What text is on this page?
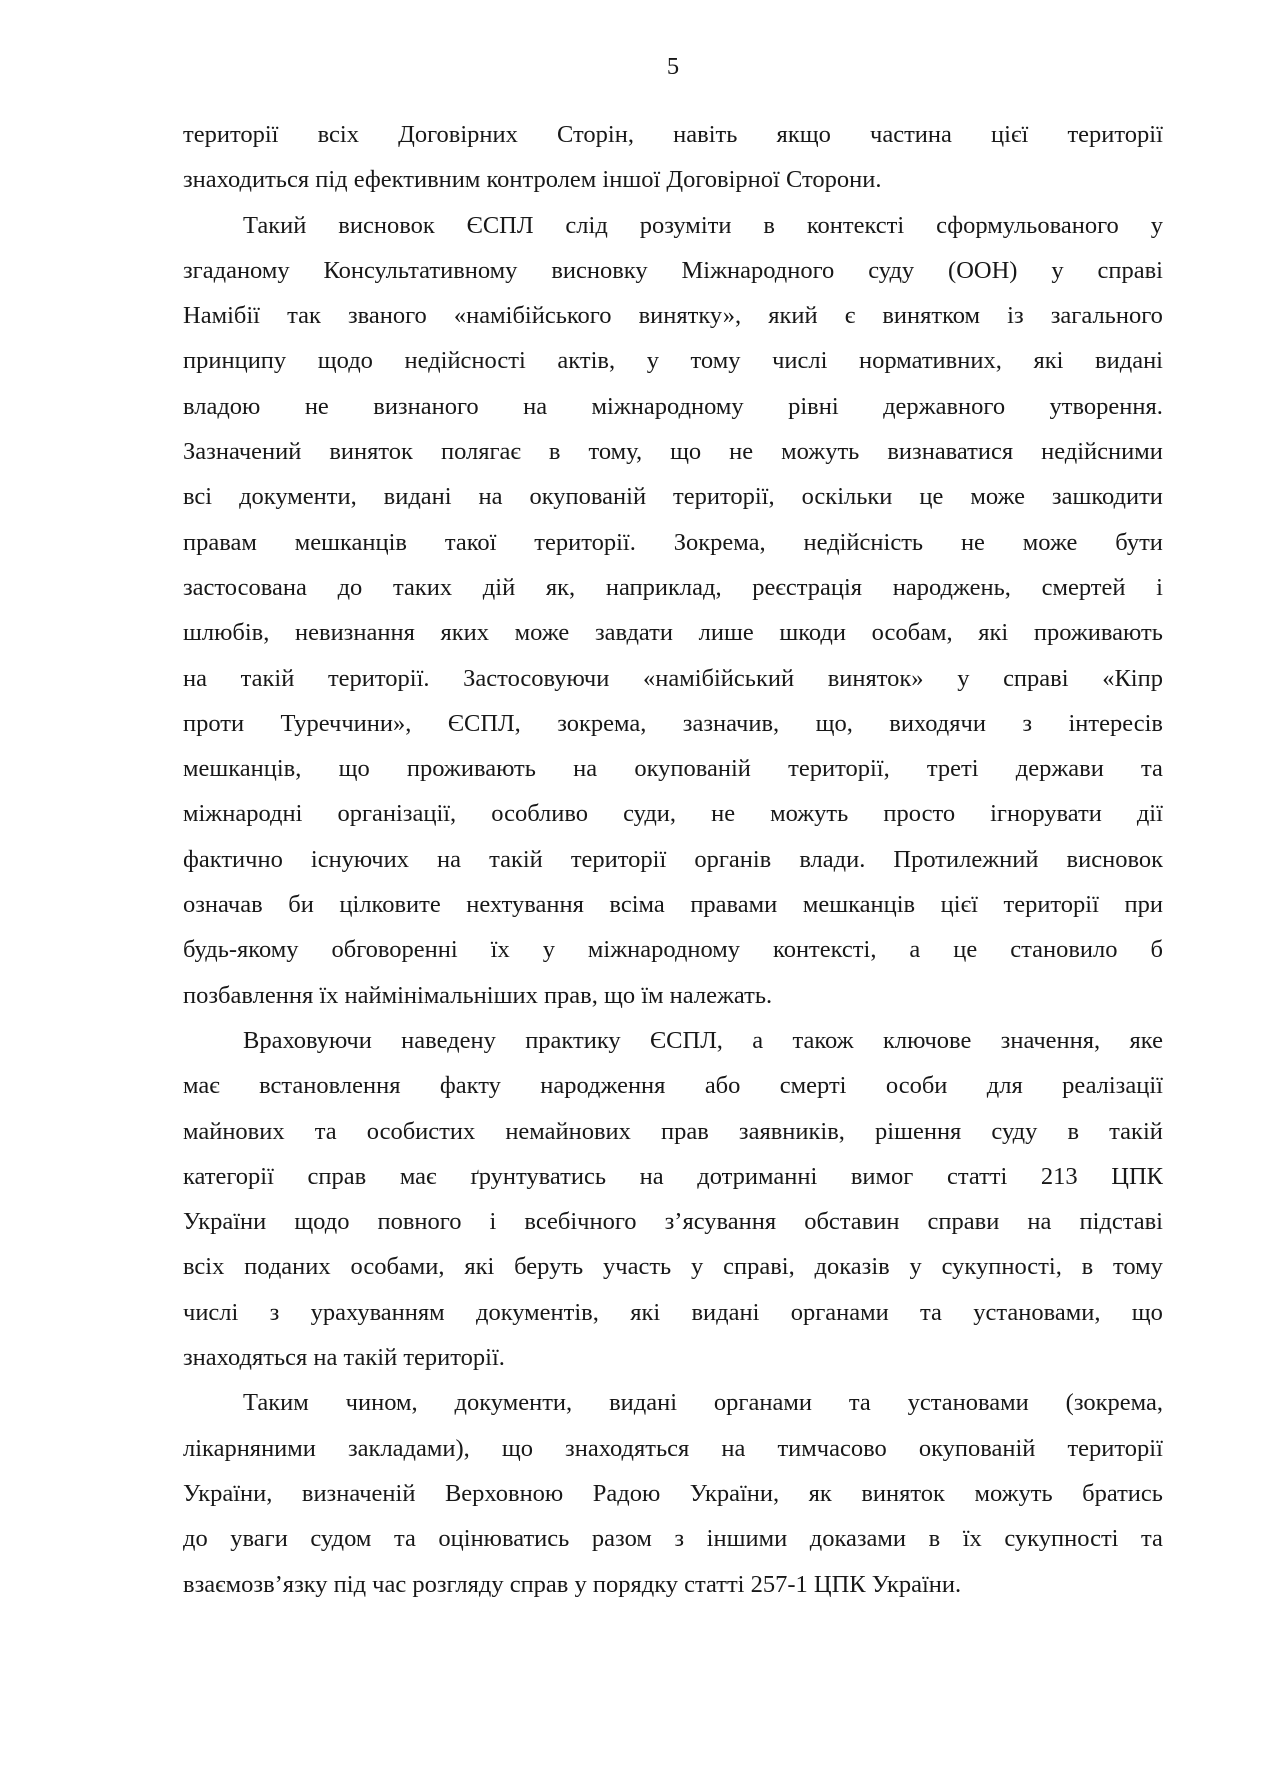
5

території всіх Договірних Сторін, навіть якщо частина цієї території
знаходиться під ефективним контролем іншої Договірної Сторони.

Такий висновок ЄСПЛ слід розуміти в контексті сформульованого у
згаданому Консультативному висновку Міжнародного суду (ООН) у справі
Намібії так званого «намібійського винятку», який є винятком із загального
принципу щодо недійсності актів, у тому числі нормативних, які видані
владою не визнаного на міжнародному рівні державного утворення.
Зазначений виняток полягає в тому, що не можуть визнаватися недійсними
всі документи, видані на окупованій території, оскільки це може зашкодити
правам мешканців такої території. Зокрема, недійсність не може бути
застосована до таких дій як, наприклад, реєстрація народжень, смертей і
шлюбів, невизнання яких може завдати лише шкоди особам, які проживають
на такій території. Застосовуючи «намібійський виняток» у справі «Кіпр
проти Туреччини», ЄСПЛ, зокрема, зазначив, що, виходячи з інтересів
мешканців, що проживають на окупованій території, треті держави та
міжнародні організації, особливо суди, не можуть просто ігнорувати дії
фактично існуючих на такій території органів влади. Протилежний висновок
означав би цілковите нехтування всіма правами мешканців цієї території при
будь-якому обговоренні їх у міжнародному контексті, а це становило б
позбавлення їх наймінімальніших прав, що їм належать.

Враховуючи наведену практику ЄСПЛ, а також ключове значення, яке
має встановлення факту народження або смерті особи для реалізації
майнових та особистих немайнових прав заявників, рішення суду в такій
категорії справ має ґрунтуватись на дотриманні вимог статті 213 ЦПК
України щодо повного і всебічного з’ясування обставин справи на підставі
всіх поданих особами, які беруть участь у справі, доказів у сукупності, в тому
числі з урахуванням документів, які видані органами та установами, що
знаходяться на такій території.

Таким чином, документи, видані органами та установами (зокрема,
лікарняними закладами), що знаходяться на тимчасово окупованій території
України, визначеній Верховною Радою України, як виняток можуть братись
до уваги судом та оцінюватись разом з іншими доказами в їх сукупності та
взаємозв’язку під час розгляду справ у порядку статті 257-1 ЦПК України.
